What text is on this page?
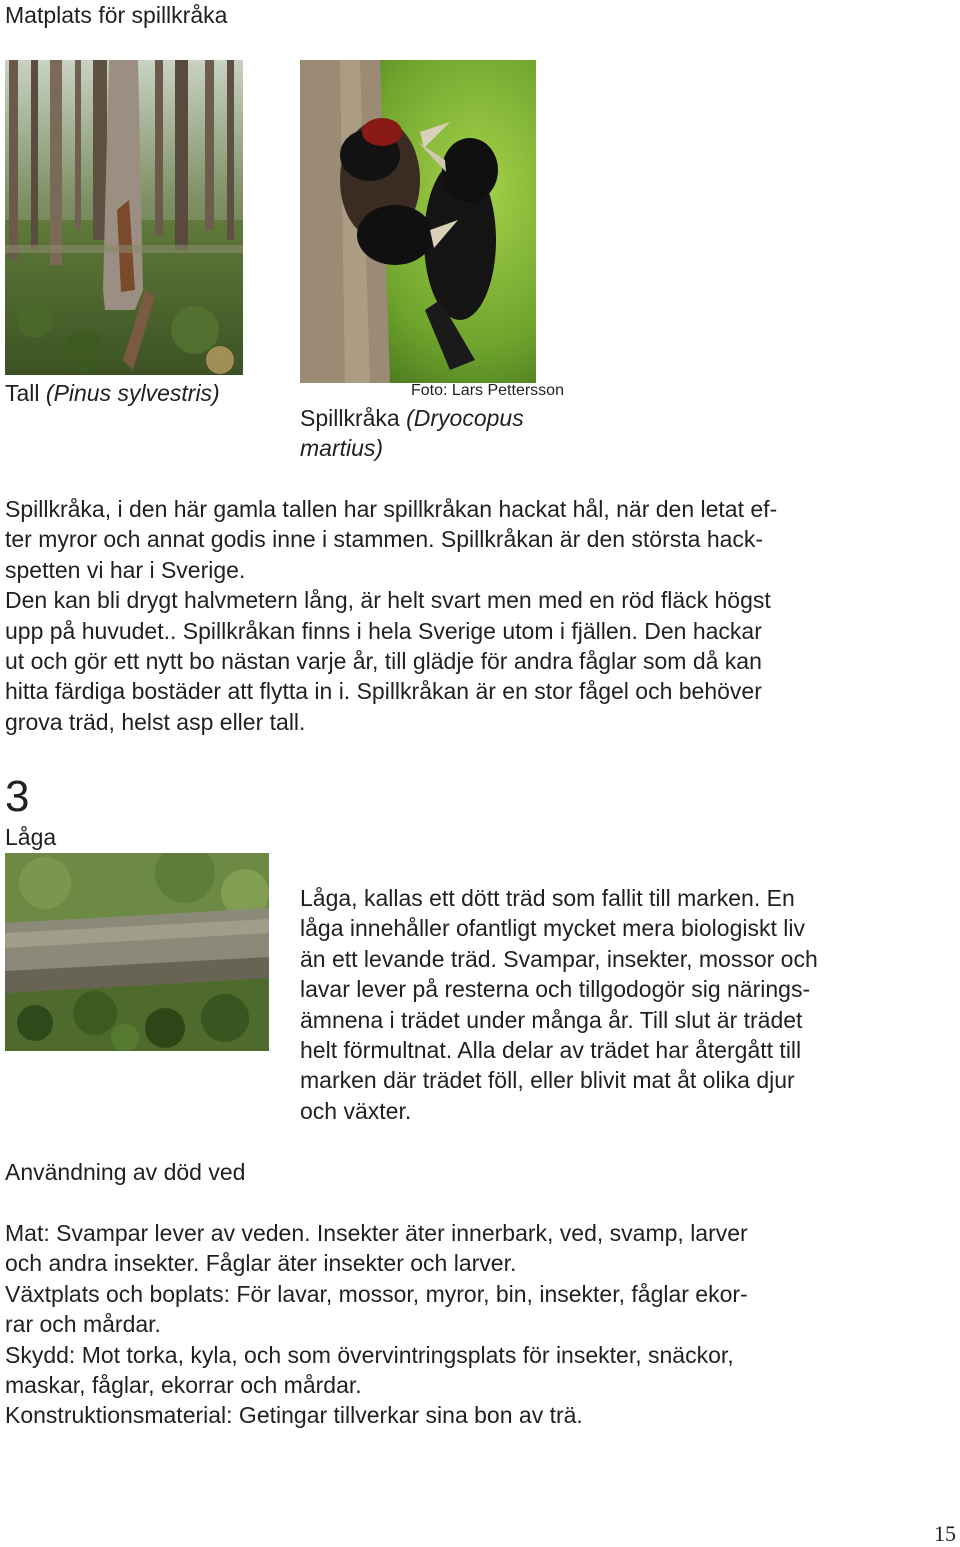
Matplats för spillkråka
Tall (Pinus sylvestris)	Foto: Lars Pettersson
Spillkråka (Dryocopus
martius)
Spillkråka, i den här gamla tallen har spillkråkan hackat hål, när den letat ef-
ter myror och annat godis inne i stammen. Spillkråkan är den största hack-
spetten vi har i Sverige.
Den kan bli drygt halvmetern lång, är helt svart men med en röd fläck högst
upp på huvudet.. Spillkråkan finns i hela Sverige utom i fjällen. Den hackar
ut och gör ett nytt bo nästan varje år, till glädje för andra fåglar som då kan
hitta färdiga bostäder att flytta in i. Spillkråkan är en stor fågel och behöver
grova träd, helst asp eller tall.
3
Låga
Låga, kallas ett dött träd som fallit till marken. En
låga innehåller ofantligt mycket mera biologiskt liv
än ett levande träd. Svampar, insekter, mossor och
lavar lever på resterna och tillgodogör sig närings-
ämnena i trädet under många år. Till slut är trädet
helt förmultnat. Alla delar av trädet har återgått till
marken där trädet föll, eller blivit mat åt olika djur
och växter.
Användning av död ved
Mat: Svampar lever av veden. Insekter äter innerbark, ved, svamp, larver
och andra insekter. Fåglar äter insekter och larver.
Växtplats och boplats: För lavar, mossor, myror, bin, insekter, fåglar ekor-
rar och mårdar.
Skydd: Mot torka, kyla, och som övervintringsplats för insekter, snäckor,
maskar, fåglar, ekorrar och mårdar.
Konstruktionsmaterial: Getingar tillverkar sina bon av trä.
15
